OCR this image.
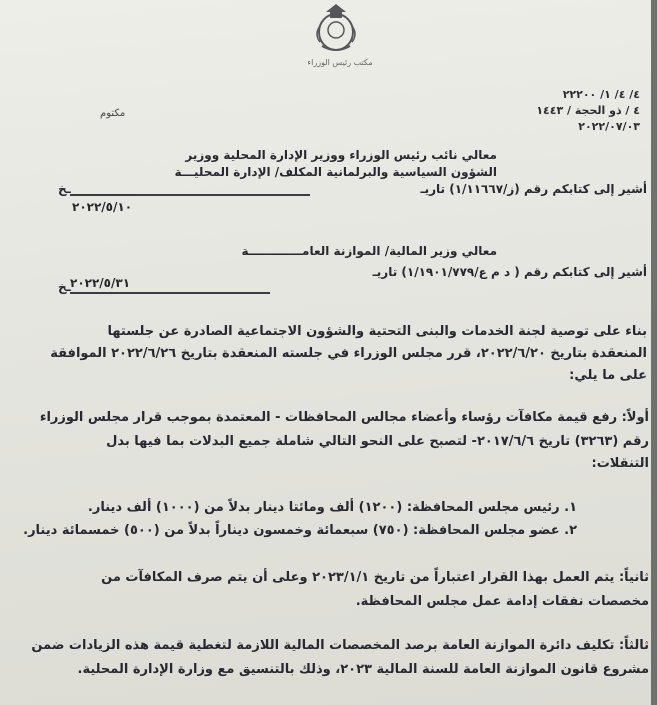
مكتب رئيس الوزراء
٤/ ٤/ ١/ ٢٢٢٠٠
٤ / ذو الحجة / ١٤٤٣
٢٠٢٢/٠٧/٠٣
مكتوم
معالي نائب رئيس الوزراء ووزير الإدارة المحلية ووزير
الشؤون السياسية والبرلمانية المكلف/ الإدارة المحليـــة
أشير إلى كتابكم رقم (ز/١/١١٦٦٧) تاريـ
ـخ
٢٠٢٢/٥/١٠
معالي وزير المالية/ الموازنة العامـــــــــــــة
أشير إلى كتابكم رقم ( د م ع/١/١٩٠١/٧٧٩) تاريـ
ـخ ٢٠٢٢/٥/٣١
بناء على توصية لجنة الخدمات والبنى التحتية والشؤون الاجتماعية الصادرة عن جلستها
المنعقدة بتاريخ ٢٠٢٢/٦/٢٠، قرر مجلس الوزراء في جلسته المنعقدة بتاريخ ٢٠٢٢/٦/٢٦ الموافقة
على ما يلي:
أولاً: رفع قيمة مكافآت رؤساء وأعضاء مجالس المحافظات - المعتمدة بموجب قرار مجلس الوزراء
رقم (٣٢٦٣) تاريخ ٢٠١٧/٦/٦- لتصبح على النحو التالي شاملة جميع البدلات بما فيها بدل
التنقلات:
١. رئيس مجلس المحافظة: (١٢٠٠) ألف ومائتا دينار بدلاً من (١٠٠٠) ألف دينار.
٢. عضو مجلس المحافظة: (٧٥٠) سبعمائة وخمسون ديناراً بدلاً من (٥٠٠) خمسمائة دينار.
ثانياً: يتم العمل بهذا القرار اعتباراً من تاريخ ٢٠٢٣/١/١ وعلى أن يتم صرف المكافآت من
مخصصات نفقات إدامة عمل مجلس المحافظة.
ثالثاً: تكليف دائرة الموازنة العامة برصد المخصصات المالية اللازمة لتغطية قيمة هذه الزيادات ضمن
مشروع قانون الموازنة العامة للسنة المالية ٢٠٢٣، وذلك بالتنسيق مع وزارة الإدارة المحلية.
